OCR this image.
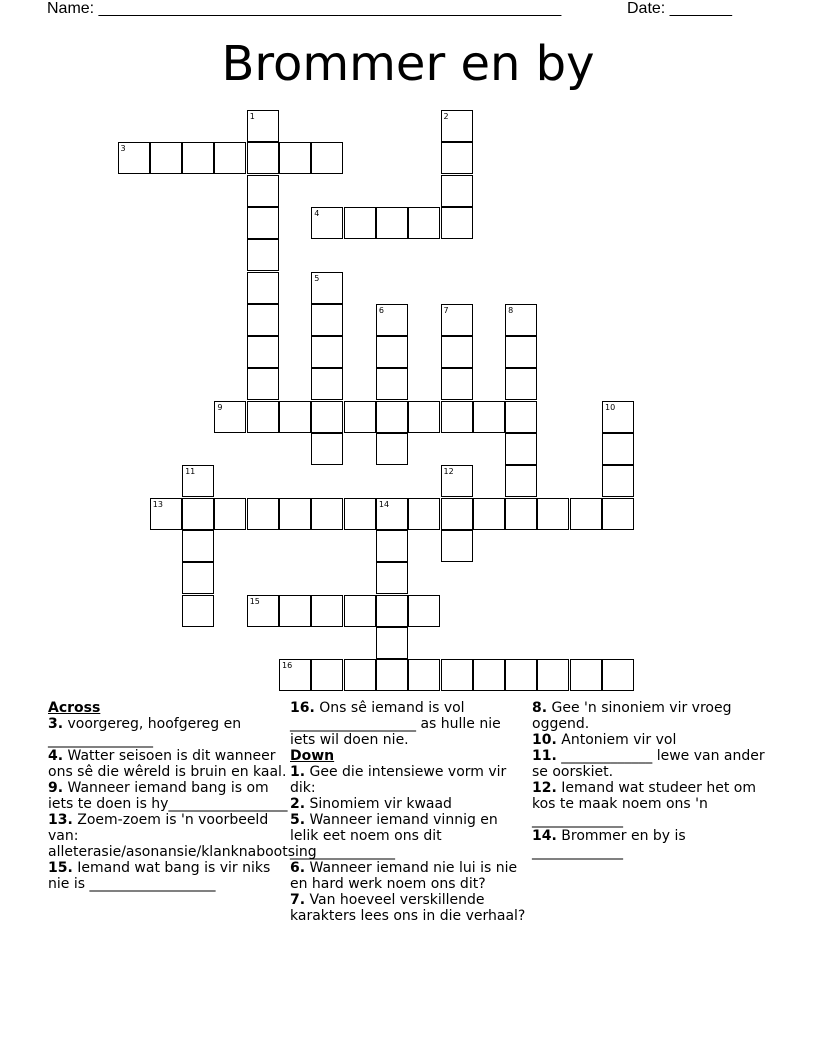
Name: ____________________________________________________	Date: _______
Brommer en by
1	2
3
4
5
6	7	8
9	10
11	12
13	14
15
16
Across
3. voorgereg, hoofgereg en _______________
4. Watter seisoen is dit wanneer ons sê die wêreld is bruin en kaal.
9. Wanneer iemand bang is om iets te doen is hy_________________
13. Zoem-zoem is 'n voorbeeld van: alleterasie/asonansie/klanknabootsing
15. Iemand wat bang is vir niks nie is __________________
16. Ons sê iemand is vol __________________ as hulle nie iets wil doen nie.
Down
1. Gee die intensiewe vorm vir dik:
2. Sinomiem vir kwaad
5. Wanneer iemand vinnig en lelik eet noem ons dit _______________
6. Wanneer iemand nie lui is nie en hard werk noem ons dit?
7. Van hoeveel verskillende karakters lees ons in die verhaal?
8. Gee 'n sinoniem vir vroeg oggend.
10. Antoniem vir vol
11. _____________ lewe van ander se oorskiet.
12. Iemand wat studeer het om kos te maak noem ons 'n _____________
14. Brommer en by is _____________
